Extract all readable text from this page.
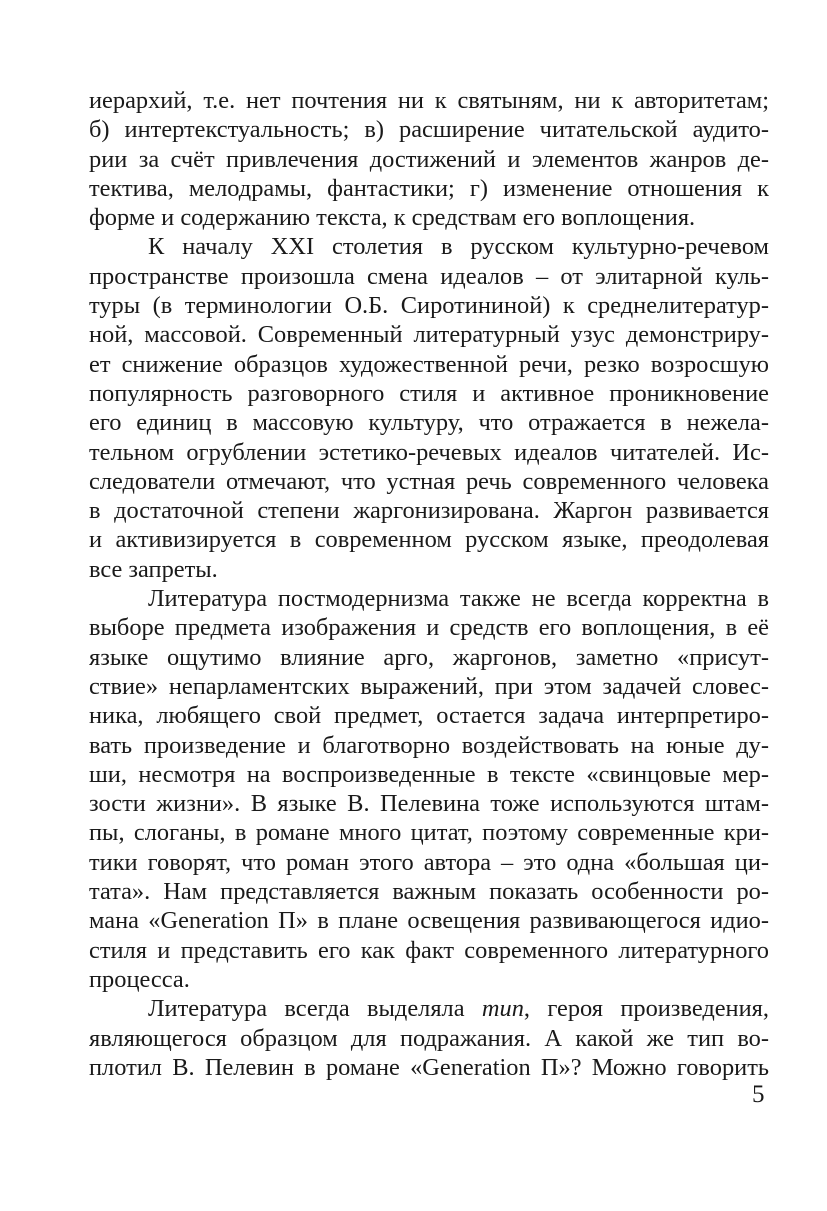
иерархий, т.е. нет почтения ни к святыням, ни к авторитетам;
б) интертекстуальность; в) расширение читательской аудито-
рии за счёт привлечения достижений и элементов жанров де-
тектива, мелодрамы, фантастики; г) изменение отношения к
форме и содержанию текста, к средствам его воплощения.
К началу XXI столетия в русском культурно-речевом
пространстве произошла смена идеалов – от элитарной куль-
туры (в терминологии О.Б. Сиротининой) к среднелитератур-
ной, массовой. Современный литературный узус демонстриру-
ет снижение образцов художественной речи, резко возросшую
популярность разговорного стиля и активное проникновение
его единиц в массовую культуру, что отражается в нежела-
тельном огрублении эстетико-речевых идеалов читателей. Ис-
следователи отмечают, что устная речь современного человека
в достаточной степени жаргонизирована. Жаргон развивается
и активизируется в современном русском языке, преодолевая
все запреты.
Литература постмодернизма также не всегда корректна в
выборе предмета изображения и средств его воплощения, в её
языке ощутимо влияние арго, жаргонов, заметно «присут-
ствие» непарламентских выражений, при этом задачей словес-
ника, любящего свой предмет, остается задача интерпретиро-
вать произведение и благотворно воздействовать на юные ду-
ши, несмотря на воспроизведенные в тексте «свинцовые мер-
зости жизни». В языке В. Пелевина тоже используются штам-
пы, слоганы, в романе много цитат, поэтому современные кри-
тики говорят, что роман этого автора – это одна «большая ци-
тата». Нам представляется важным показать особенности ро-
мана «Generation П» в плане освещения развивающегося идио-
стиля и представить его как факт современного литературного
процесса.
Литература всегда выделяла тип, героя произведения,
являющегося образцом для подражания. А какой же тип во-
плотил В. Пелевин в романе «Generation П»? Можно говорить
5
